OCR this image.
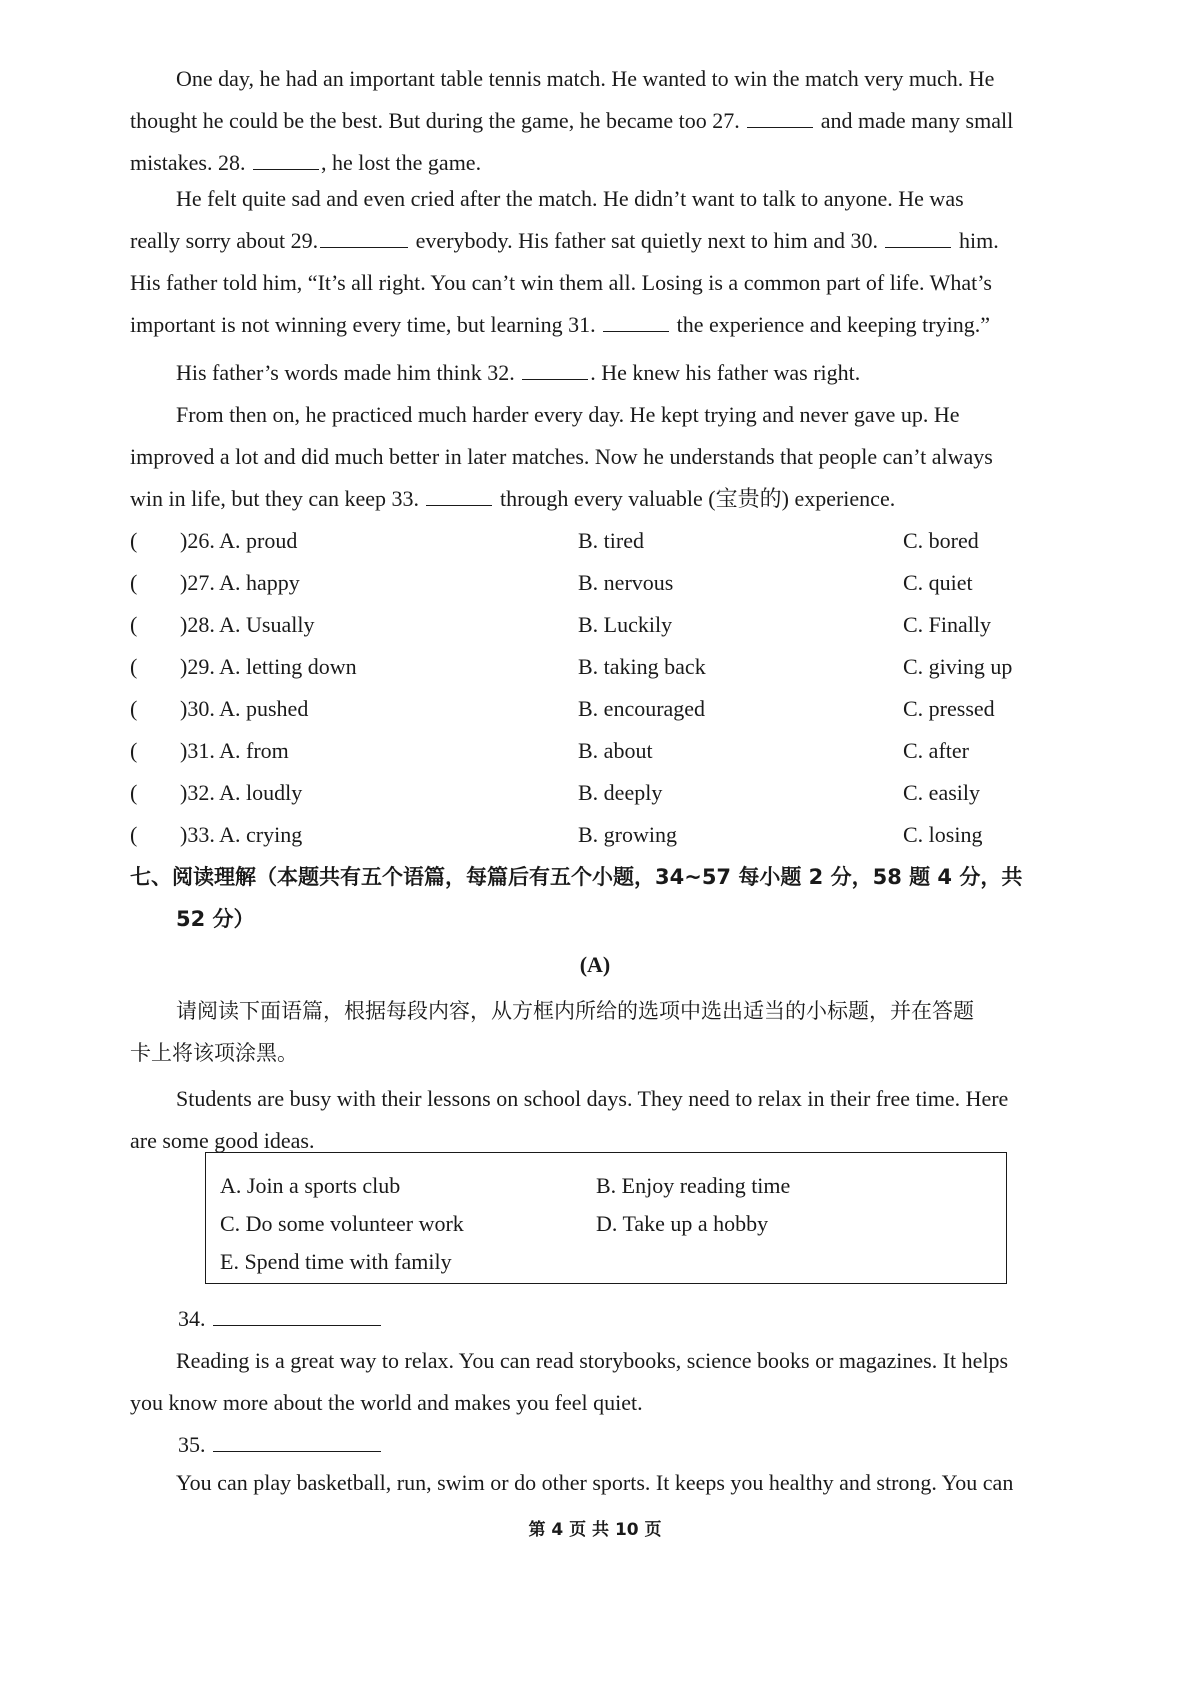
One day, he had an important table tennis match. He wanted to win the match very much. He
thought he could be the best. But during the game, he became too 27.	and made many small
mistakes. 28.	, he lost the game.
He felt quite sad and even cried after the match. He didn’t want to talk to anyone. He was
really sorry about 29.	everybody. His father sat quietly next to him and 30.	him.
His father told him, “It’s all right. You can’t win them all. Losing is a common part of life. What’s
important is not winning every time, but learning 31.	the experience and keeping trying.”
His father’s words made him think 32.	. He knew his father was right.
From then on, he practiced much harder every day. He kept trying and never gave up. He
improved a lot and did much better in later matches. Now he understands that people can’t always
win in life, but they can keep 33.	through every valuable (宝贵的) experience.
( )26. A. proud	B. tired	C. bored
( )27. A. happy	B. nervous	C. quiet
( )28. A. Usually	B. Luckily	C. Finally
( )29. A. letting down	B. taking back	C. giving up
( )30. A. pushed	B. encouraged	C. pressed
( )31. A. from	B. about	C. after
( )32. A. loudly	B. deeply	C. easily
( )33. A. crying	B. growing	C. losing
七、阅读理解（本题共有五个语篇，每篇后有五个小题，34~57 每小题 2 分，58 题 4 分，共
52 分）
(A)
请阅读下面语篇，根据每段内容，从方框内所给的选项中选出适当的小标题，并在答题
卡上将该项涂黑。
Students are busy with their lessons on school days. They need to relax in their free time. Here
are some good ideas.
A. Join a sports club	B. Enjoy reading time
C. Do some volunteer work	D. Take up a hobby
E. Spend time with family
34.
Reading is a great way to relax. You can read storybooks, science books or magazines. It helps
you know more about the world and makes you feel quiet.
35.
You can play basketball, run, swim or do other sports. It keeps you healthy and strong. You can
第 4 页 共 10 页
